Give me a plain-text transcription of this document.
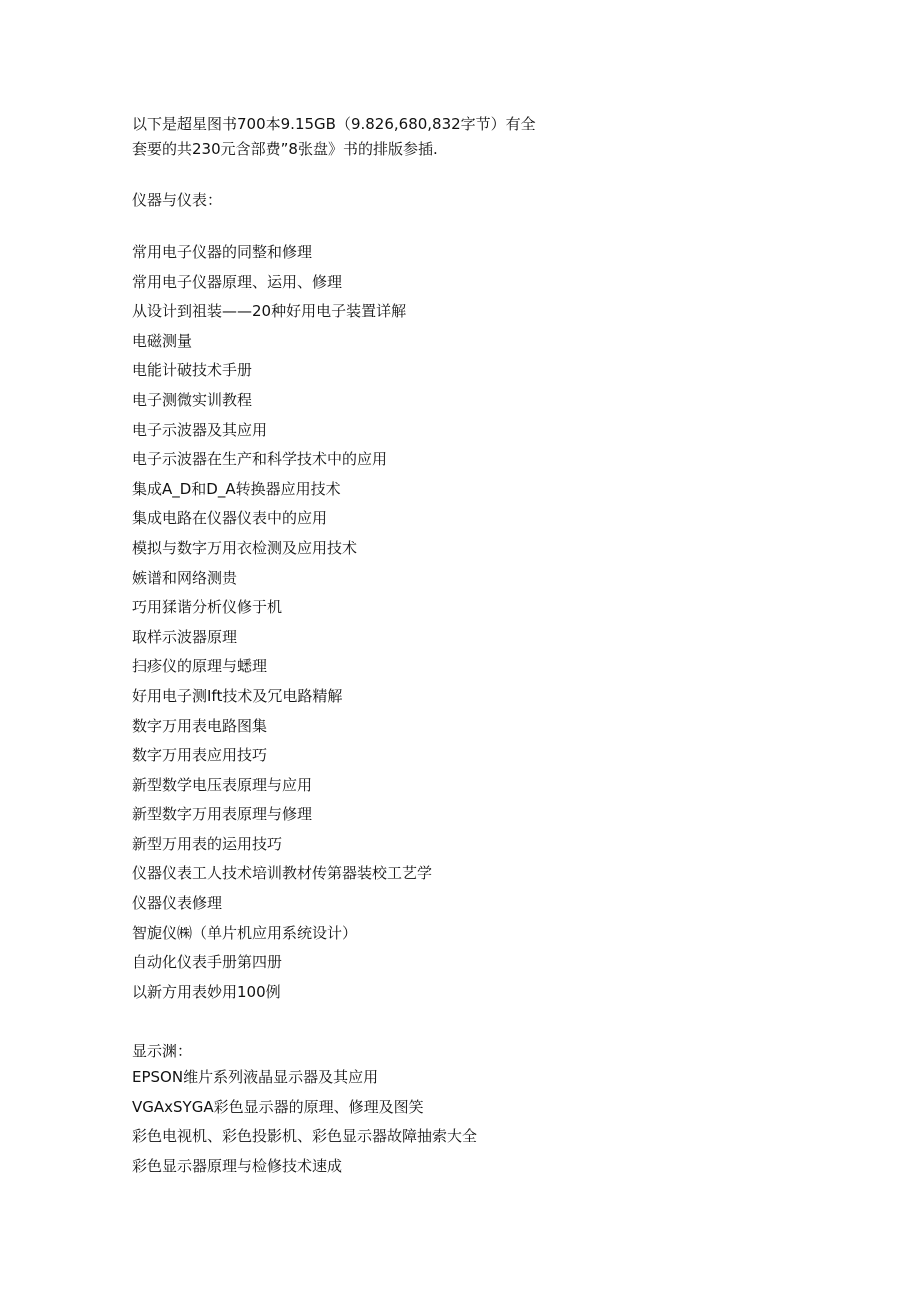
以下是超星图书700本9.15GB（9.826,680,832字节）有全
套要的共230元含部费”8张盘》书的排版参插.

仪器与仪表：
常用电子仪器的同整和修理
常用电子仪器原理、运用、修理
从设计到祖装——20种好用电子装置详解
电磁测量
电能计破技术手册
电子测微实训教程
电子示波器及其应用
电子示波器在生产和科学技术中的应用
集成A_D和D_A转换器应用技术
集成电路在仪器仪表中的应用
模拟与数字万用衣检测及应用技术
嫉谱和网络测贵
巧用猱谐分析仪修于机
取样示波器原理
扫疹仪的原理与蟋理
好用电子测Ift技术及冗电路精解
数字万用表电路图集
数字万用表应用技巧
新型数学电压表原理与应用
新型数字万用表原理与修理
新型万用表的运用技巧
仪器仪表工人技术培训教材传第器装校工艺学
仪器仪表修理
智旎仪㈱（单片机应用系统设计）
自动化仪表手册第四册
以新方用表妙用100例
显示渊：
EPSON维片系列液晶显示器及其应用
VGAxSYGA彩色显示器的原理、修理及图笑
彩色电视机、彩色投影机、彩色显示器故障抽索大全
彩色显示器原理与检修技术速成
